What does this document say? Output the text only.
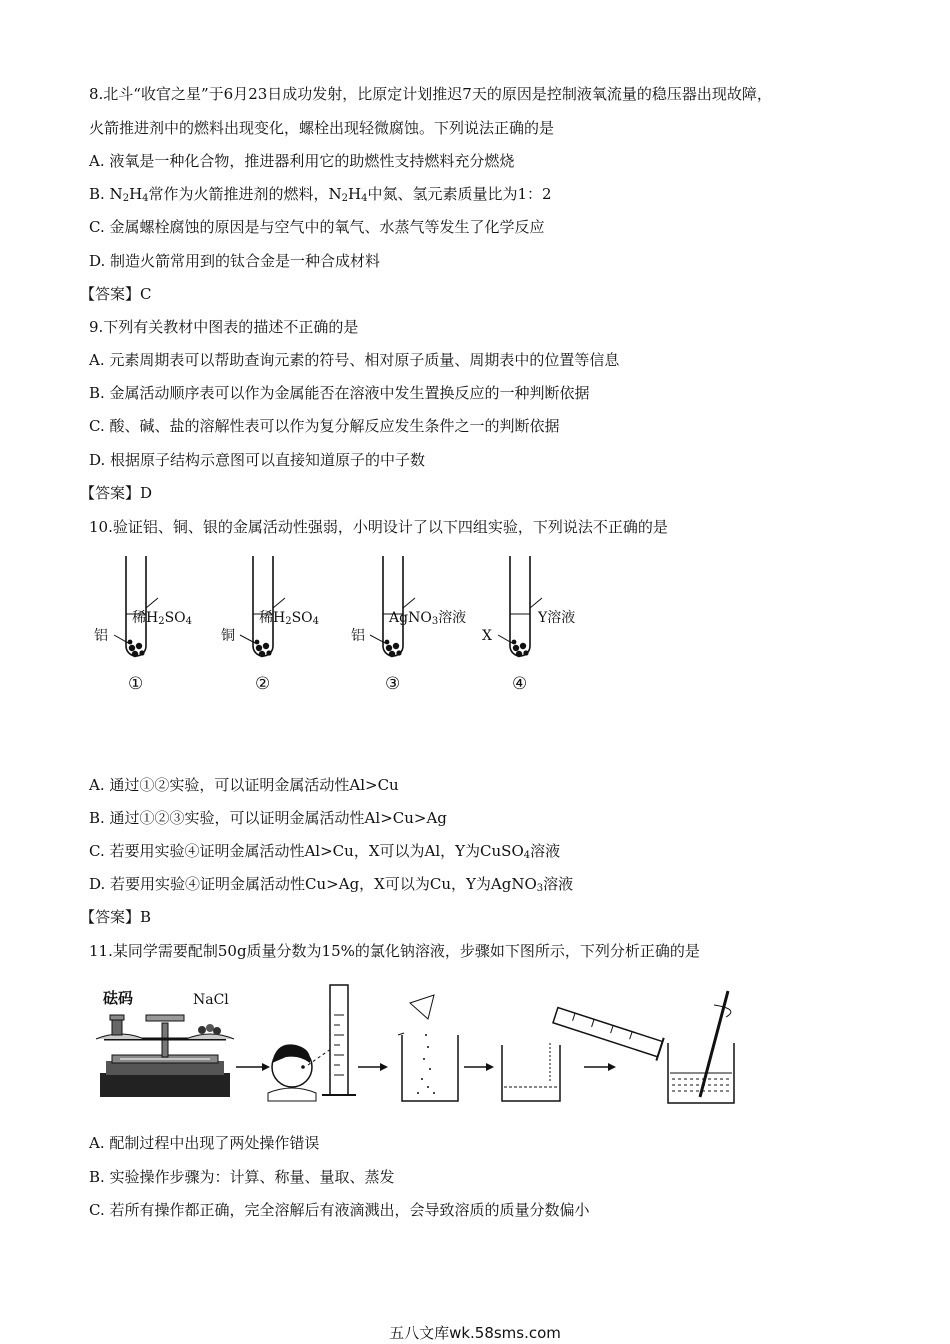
8.北斗“收官之星”于6月23日成功发射，比原定计划推迟7天的原因是控制液氧流量的稳压器出现故障，
火箭推进剂中的燃料出现变化，螺栓出现轻微腐蚀。下列说法正确的是
A. 液氧是一种化合物，推进器利用它的助燃性支持燃料充分燃烧
B. $N_2H_4$常作为火箭推进剂的燃料，$N_2H_4$中氮、氢元素质量比为1：2
C. 金属螺栓腐蚀的原因是与空气中的氧气、水蒸气等发生了化学反应
D. 制造火箭常用到的钛合金是一种合成材料
【答案】C
9.下列有关教材中图表的描述不正确的是
A. 元素周期表可以帮助查询元素的符号、相对原子质量、周期表中的位置等信息
B. 金属活动顺序表可以作为金属能否在溶液中发生置换反应的一种判断依据
C. 酸、碱、盐的溶解性表可以作为复分解反应发生条件之一的判断依据
D. 根据原子结构示意图可以直接知道原子的中子数
【答案】D
10.验证铝、铜、银的金属活动性强弱，小明设计了以下四组实验，下列说法不正确的是
稀$H_2SO_4$
铝
①
稀$H_2SO_4$
铜
②
AgNO$_3$溶液
铝
③
Y溶液
X
④
A. 通过①②实验，可以证明金属活动性Al>Cu
B. 通过①②③实验，可以证明金属活动性Al>Cu>Ag
C. 若要用实验④证明金属活动性Al>Cu，X可以为Al，Y为CuSO$_4$溶液
D. 若要用实验④证明金属活动性Cu>Ag，X可以为Cu，Y为AgNO$_3$溶液
【答案】B
11.某同学需要配制50g质量分数为15%的氯化钠溶液，步骤如下图所示，下列分析正确的是
砝码	NaCl
A. 配制过程中出现了两处操作错误
B. 实验操作步骤为：计算、称量、量取、蒸发
C. 若所有操作都正确，完全溶解后有液滴溅出，会导致溶质的质量分数偏小
五八文库wk.58sms.com
